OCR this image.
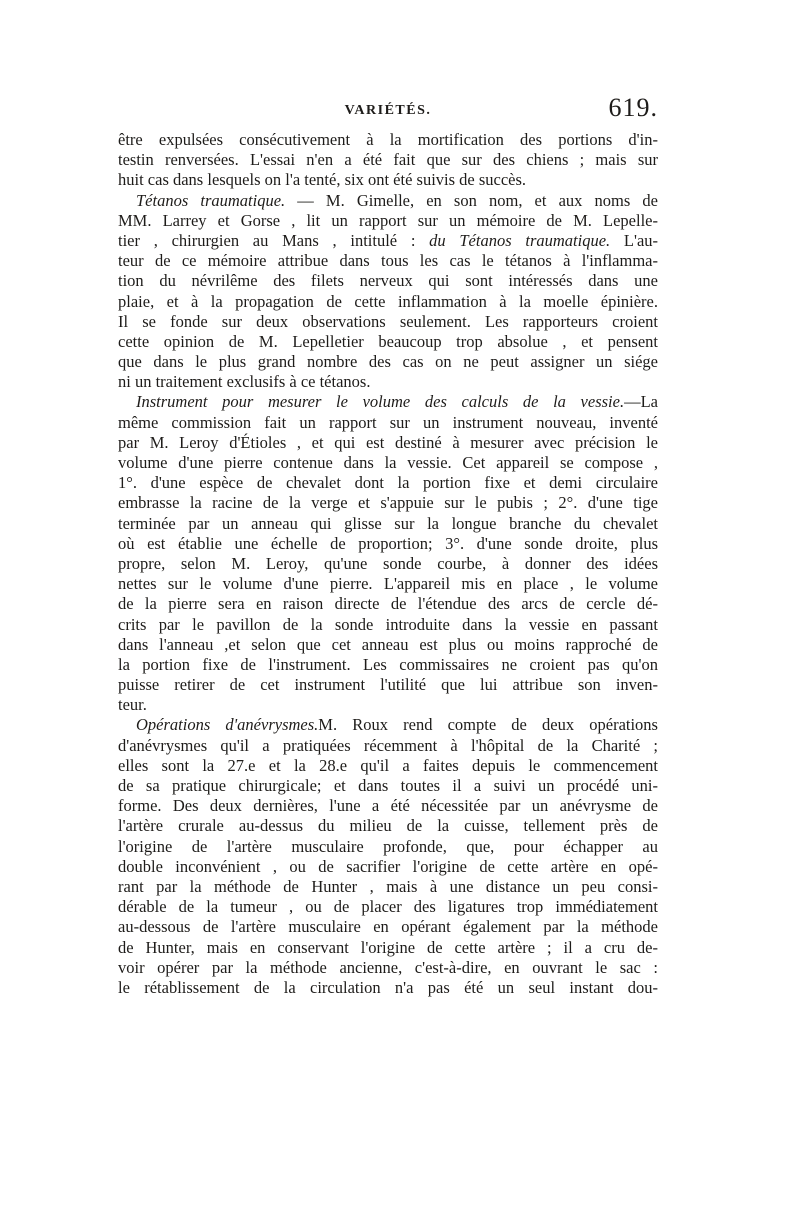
VARIÉTÉS.	619.
être expulsées consécutivement à la mortification des portions d'in-
testin renversées. L'essai n'en a été fait que sur des chiens ; mais sur
huit cas dans lesquels on l'a tenté, six ont été suivis de succès.
Tétanos traumatique. — M. Gimelle, en son nom, et aux noms de
MM. Larrey et Gorse , lit un rapport sur un mémoire de M. Lepelle-
tier , chirurgien au Mans , intitulé : du Tétanos traumatique. L'au-
teur de ce mémoire attribue dans tous les cas le tétanos à l'inflamma-
tion du névrilême des filets nerveux qui sont intéressés dans une
plaie, et à la propagation de cette inflammation à la moelle épinière.
Il se fonde sur deux observations seulement. Les rapporteurs croient
cette opinion de M. Lepelletier beaucoup trop absolue , et pensent
que dans le plus grand nombre des cas on ne peut assigner un siége
ni un traitement exclusifs à ce tétanos.
Instrument pour mesurer le volume des calculs de la vessie.—La
même commission fait un rapport sur un instrument nouveau, inventé
par M. Leroy d'Étioles , et qui est destiné à mesurer avec précision le
volume d'une pierre contenue dans la vessie. Cet appareil se compose ,
1°. d'une espèce de chevalet dont la portion fixe et demi circulaire
embrasse la racine de la verge et s'appuie sur le pubis ; 2°. d'une tige
terminée par un anneau qui glisse sur la longue branche du chevalet
où est établie une échelle de proportion; 3°. d'une sonde droite, plus
propre, selon M. Leroy, qu'une sonde courbe, à donner des idées
nettes sur le volume d'une pierre. L'appareil mis en place , le volume
de la pierre sera en raison directe de l'étendue des arcs de cercle dé-
crits par le pavillon de la sonde introduite dans la vessie en passant
dans l'anneau ,et selon que cet anneau est plus ou moins rapproché de
la portion fixe de l'instrument. Les commissaires ne croient pas qu'on
puisse retirer de cet instrument l'utilité que lui attribue son inven-
teur.
Opérations d'anévrysmes.M. Roux rend compte de deux opérations
d'anévrysmes qu'il a pratiquées récemment à l'hôpital de la Charité ;
elles sont la 27.e et la 28.e qu'il a faites depuis le commencement
de sa pratique chirurgicale; et dans toutes il a suivi un procédé uni-
forme. Des deux dernières, l'une a été nécessitée par un anévrysme de
l'artère crurale au-dessus du milieu de la cuisse, tellement près de
l'origine de l'artère musculaire profonde, que, pour échapper au
double inconvénient , ou de sacrifier l'origine de cette artère en opé-
rant par la méthode de Hunter , mais à une distance un peu consi-
dérable de la tumeur , ou de placer des ligatures trop immédiatement
au-dessous de l'artère musculaire en opérant également par la méthode
de Hunter, mais en conservant l'origine de cette artère ; il a cru de-
voir opérer par la méthode ancienne, c'est-à-dire, en ouvrant le sac :
le rétablissement de la circulation n'a pas été un seul instant dou-
